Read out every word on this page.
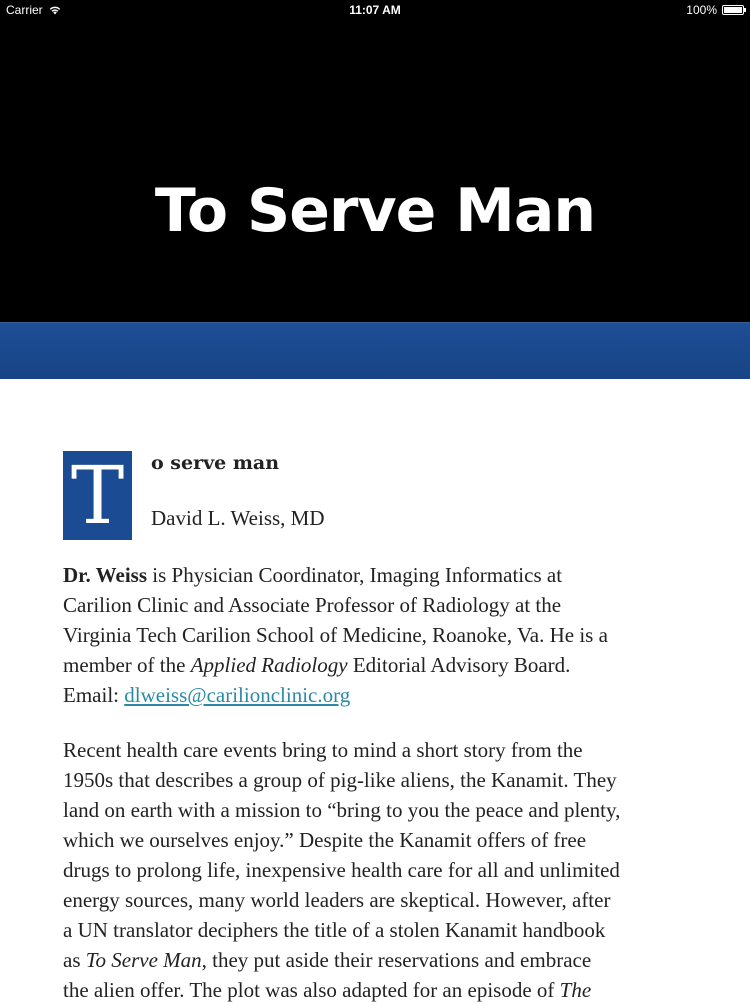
Carrier	11:07 AM	100%
To Serve Man
T	o serve man
David L. Weiss, MD

Dr. Weiss is Physician Coordinator, Imaging Informatics at
Carilion Clinic and Associate Professor of Radiology at the
Virginia Tech Carilion School of Medicine, Roanoke, Va. He is a
member of the Applied Radiology Editorial Advisory Board.
Email: dlweiss@carilionclinic.org

Recent health care events bring to mind a short story from the
1950s that describes a group of pig-like aliens, the Kanamit. They
land on earth with a mission to “bring to you the peace and plenty,
which we ourselves enjoy.” Despite the Kanamit offers of free
drugs to prolong life, inexpensive health care for all and unlimited
energy sources, many world leaders are skeptical. However, after
a UN translator deciphers the title of a stolen Kanamit handbook
as To Serve Man, they put aside their reservations and embrace
the alien offer. The plot was also adapted for an episode of The
